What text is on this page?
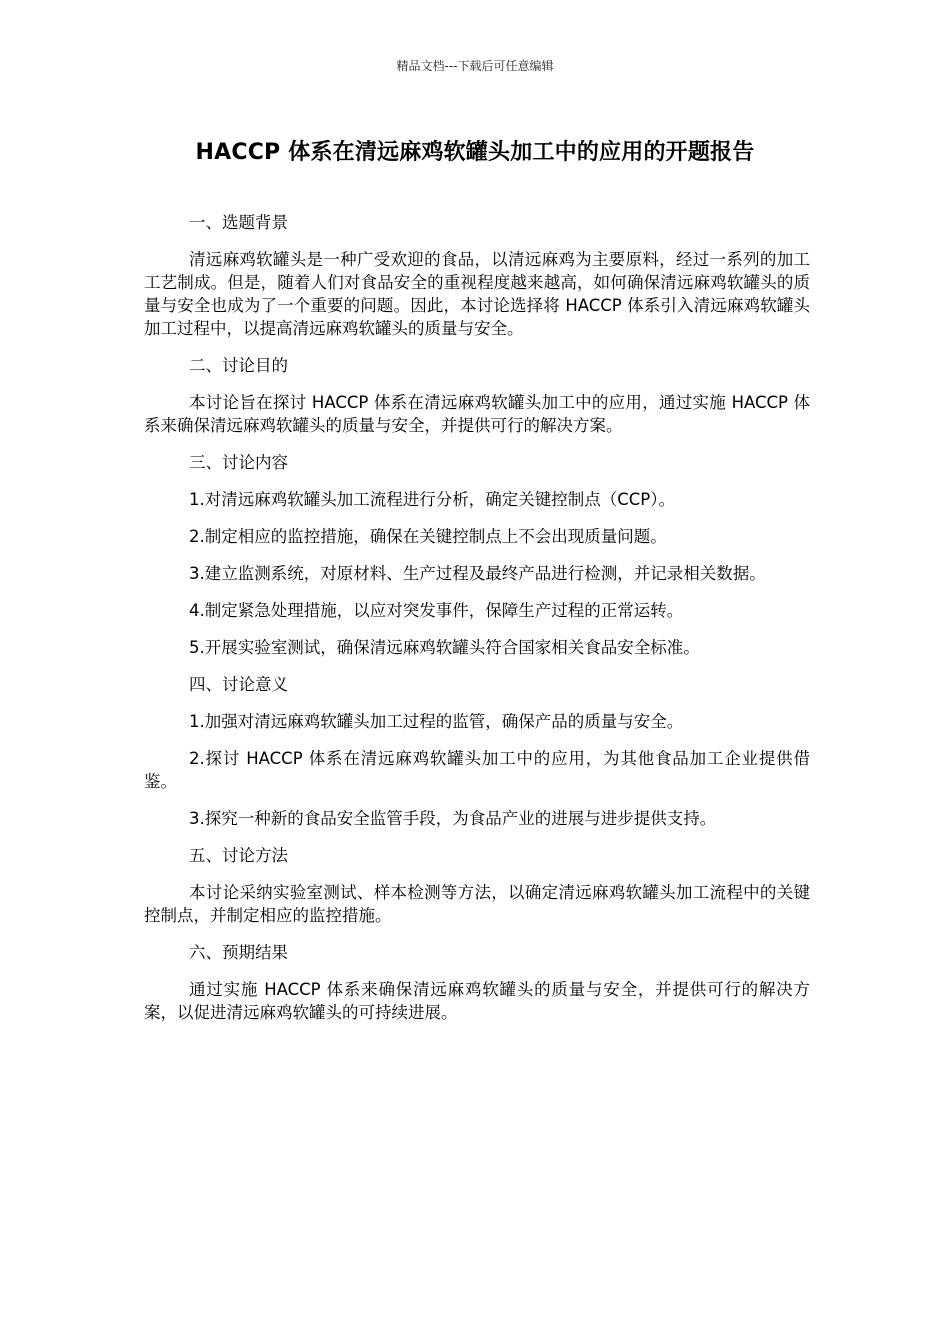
精品文档---下载后可任意编辑
HACCP 体系在清远麻鸡软罐头加工中的应用的开题报告

一、选题背景

清远麻鸡软罐头是一种广受欢迎的食品，以清远麻鸡为主要原料，经过一系列的加工工艺制成。但是，随着人们对食品安全的重视程度越来越高，如何确保清远麻鸡软罐头的质量与安全也成为了一个重要的问题。因此，本讨论选择将 HACCP 体系引入清远麻鸡软罐头加工过程中，以提高清远麻鸡软罐头的质量与安全。

二、讨论目的

本讨论旨在探讨 HACCP 体系在清远麻鸡软罐头加工中的应用，通过实施 HACCP 体系来确保清远麻鸡软罐头的质量与安全，并提供可行的解决方案。

三、讨论内容

1.对清远麻鸡软罐头加工流程进行分析，确定关键控制点（CCP）。

2.制定相应的监控措施，确保在关键控制点上不会出现质量问题。

3.建立监测系统，对原材料、生产过程及最终产品进行检测，并记录相关数据。

4.制定紧急处理措施，以应对突发事件，保障生产过程的正常运转。

5.开展实验室测试，确保清远麻鸡软罐头符合国家相关食品安全标准。

四、讨论意义

1.加强对清远麻鸡软罐头加工过程的监管，确保产品的质量与安全。

2.探讨 HACCP 体系在清远麻鸡软罐头加工中的应用，为其他食品加工企业提供借鉴。

3.探究一种新的食品安全监管手段，为食品产业的进展与进步提供支持。

五、讨论方法

本讨论采纳实验室测试、样本检测等方法，以确定清远麻鸡软罐头加工流程中的关键控制点，并制定相应的监控措施。

六、预期结果

通过实施 HACCP 体系来确保清远麻鸡软罐头的质量与安全，并提供可行的解决方案，以促进清远麻鸡软罐头的可持续进展。
